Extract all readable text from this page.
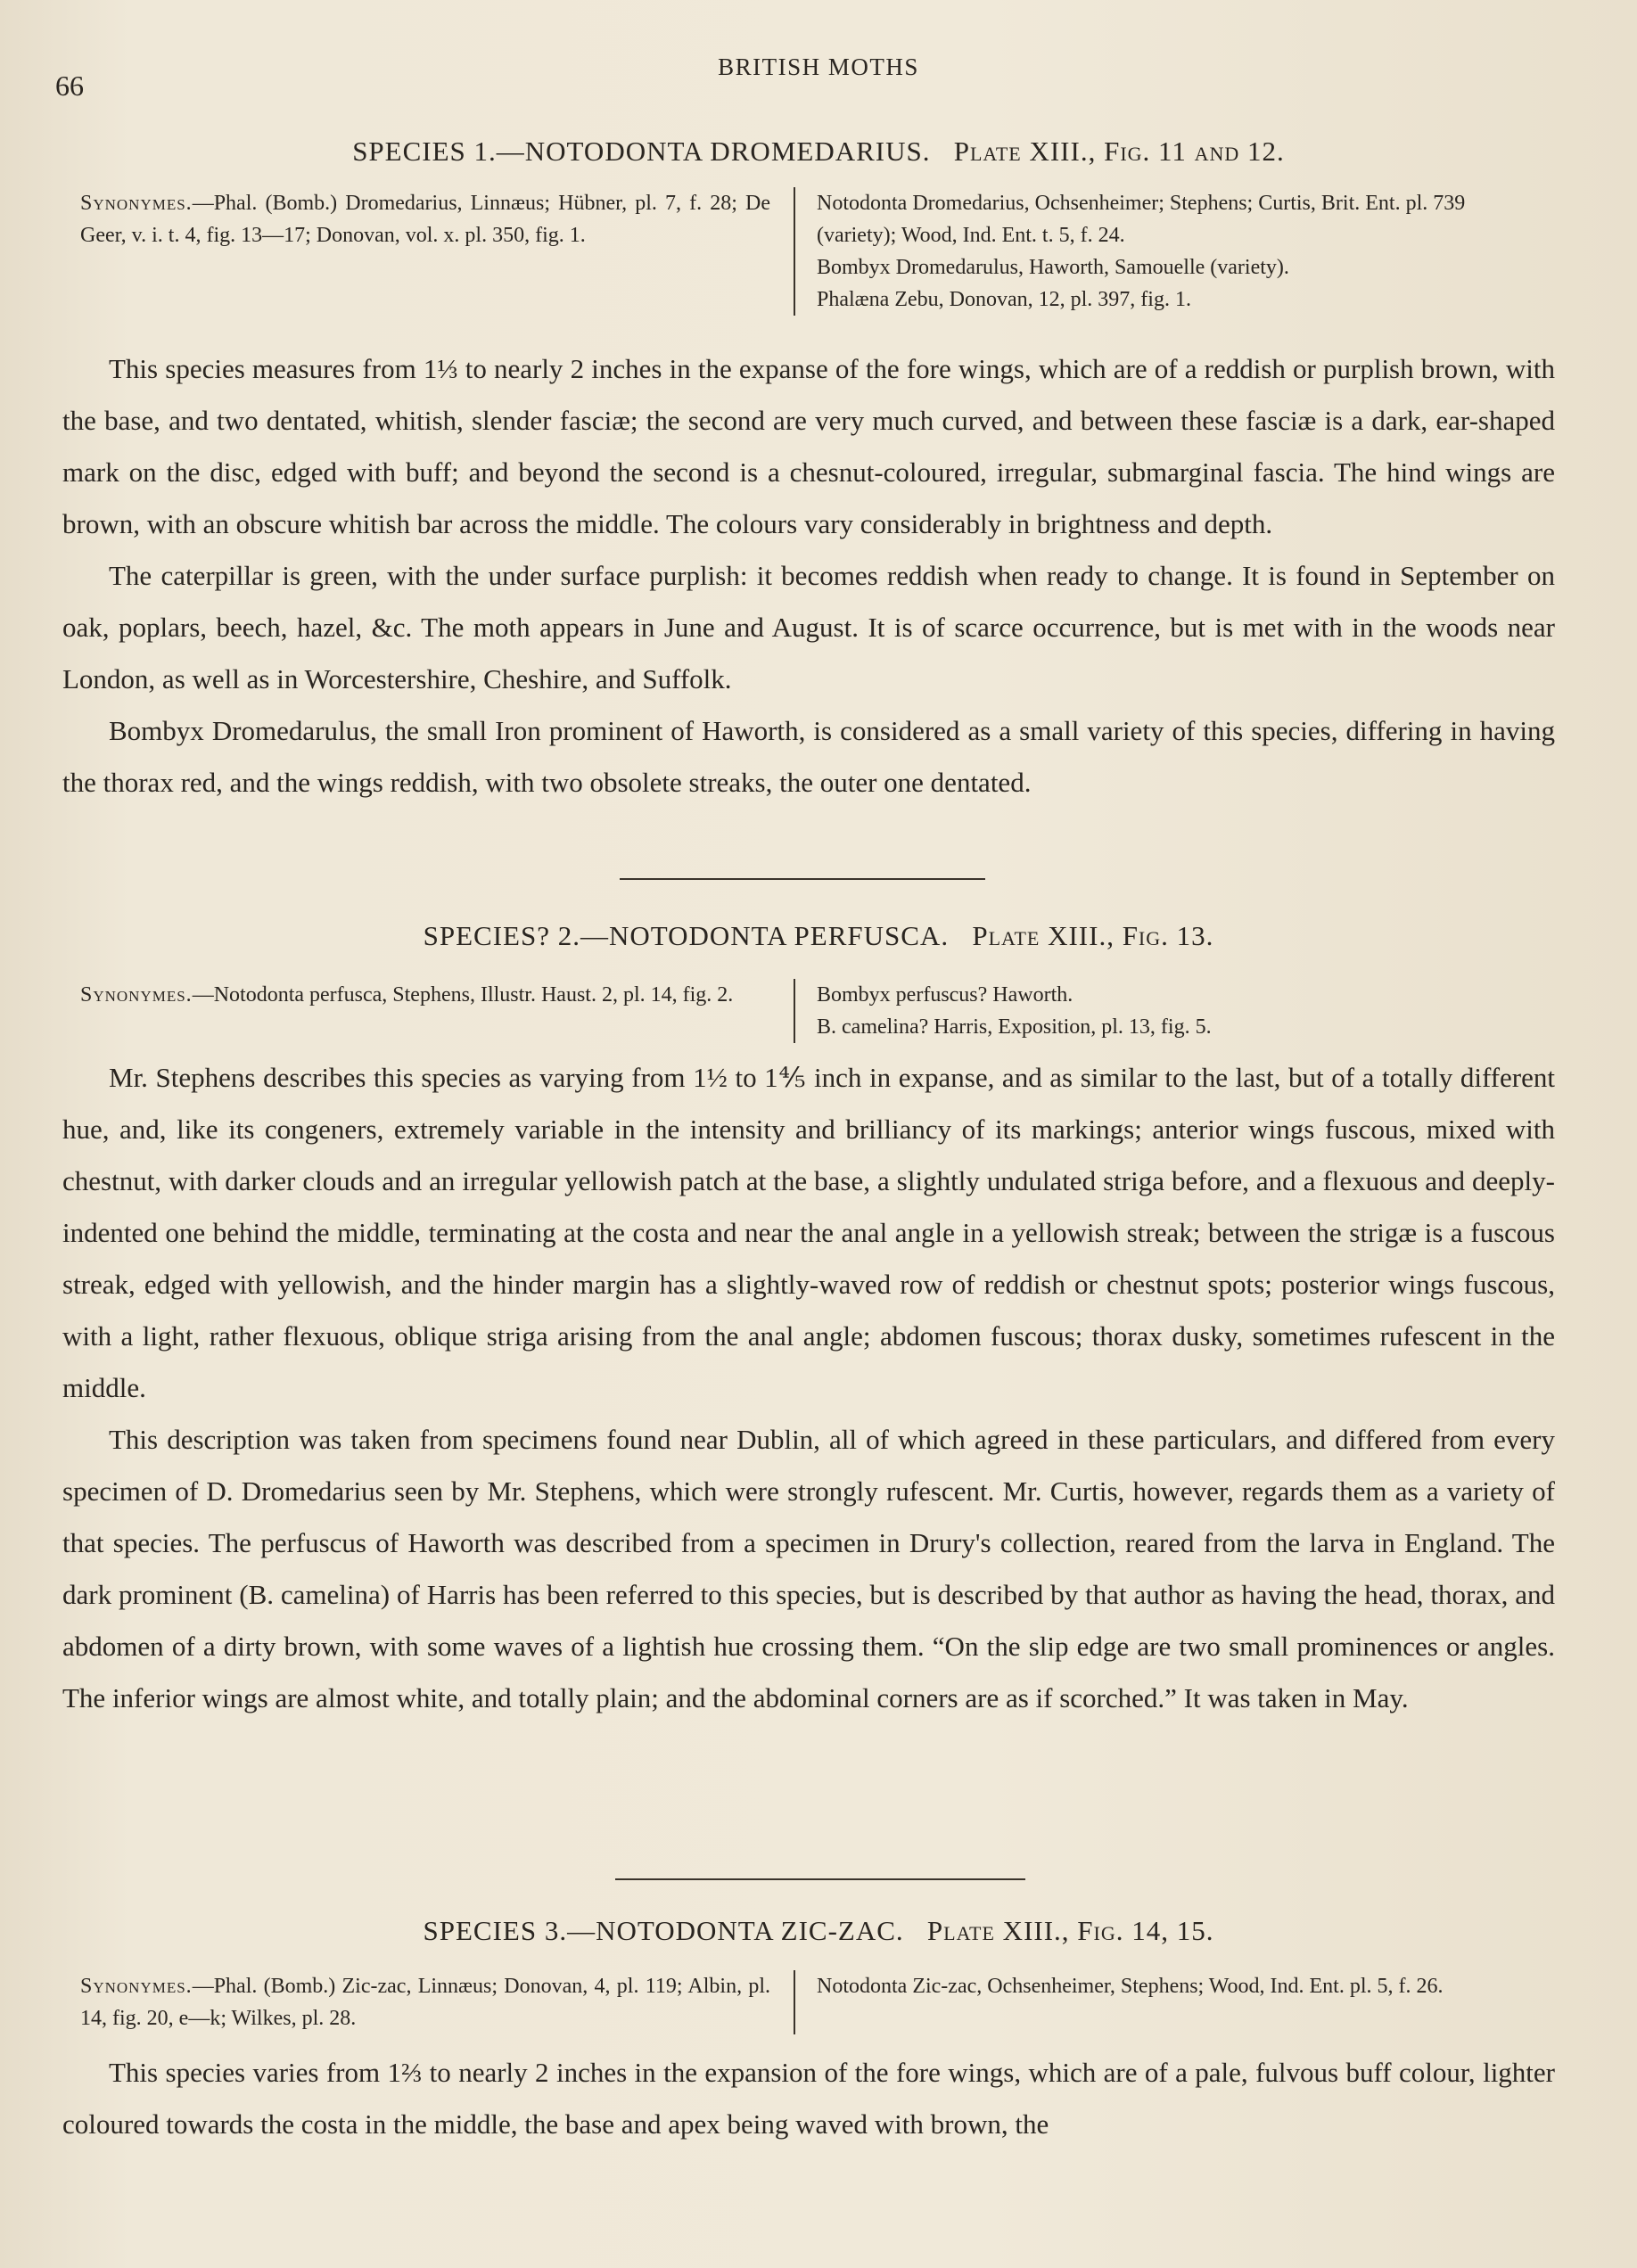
66
BRITISH MOTHS
SPECIES 1.—NOTODONTA DROMEDARIUS. Plate XIII., Fig. 11 and 12.
Synonymes.—Phal. (Bomb.) Dromedarius, Linnæus; Hübner, pl. 7, f. 28; De Geer, v. i. t. 4, fig. 13—17; Donovan, vol. x. pl. 350, fig. 1.
Notodonta Dromedarius, Ochsenheimer; Stephens; Curtis, Brit. Ent. pl. 739 (variety); Wood, Ind. Ent. t. 5, f. 24.
Bombyx Dromedarulus, Haworth, Samouelle (variety).
Phalæna Zebu, Donovan, 12, pl. 397, fig. 1.

This species measures from 1⅓ to nearly 2 inches in the expanse of the fore wings, which are of a reddish or purplish brown, with the base, and two dentated, whitish, slender fasciæ; the second are very much curved, and between these fasciæ is a dark, ear-shaped mark on the disc, edged with buff; and beyond the second is a chesnut-coloured, irregular, submarginal fascia. The hind wings are brown, with an obscure whitish bar across the middle. The colours vary considerably in brightness and depth.

The caterpillar is green, with the under surface purplish: it becomes reddish when ready to change. It is found in September on oak, poplars, beech, hazel, &c. The moth appears in June and August. It is of scarce occurrence, but is met with in the woods near London, as well as in Worcestershire, Cheshire, and Suffolk.

Bombyx Dromedarulus, the small Iron prominent of Haworth, is considered as a small variety of this species, differing in having the thorax red, and the wings reddish, with two obsolete streaks, the outer one dentated.

SPECIES? 2.—NOTODONTA PERFUSCA. Plate XIII., Fig. 13.
Synonymes.—Notodonta perfusca, Stephens, Illustr. Haust. 2, pl. 14, fig. 2.	Bombyx perfuscus? Haworth.
B. camelina? Harris, Exposition, pl. 13, fig. 5.

Mr. Stephens describes this species as varying from 1½ to 1⅘ inch in expanse, and as similar to the last, but of a totally different hue, and, like its congeners, extremely variable in the intensity and brilliancy of its markings; anterior wings fuscous, mixed with chestnut, with darker clouds and an irregular yellowish patch at the base, a slightly undulated striga before, and a flexuous and deeply-indented one behind the middle, terminating at the costa and near the anal angle in a yellowish streak; between the strigæ is a fuscous streak, edged with yellowish, and the hinder margin has a slightly-waved row of reddish or chestnut spots; posterior wings fuscous, with a light, rather flexuous, oblique striga arising from the anal angle; abdomen fuscous; thorax dusky, sometimes rufescent in the middle.

This description was taken from specimens found near Dublin, all of which agreed in these particulars, and differed from every specimen of D. Dromedarius seen by Mr. Stephens, which were strongly rufescent. Mr. Curtis, however, regards them as a variety of that species. The perfuscus of Haworth was described from a specimen in Drury's collection, reared from the larva in England. The dark prominent (B. camelina) of Harris has been referred to this species, but is described by that author as having the head, thorax, and abdomen of a dirty brown, with some waves of a lightish hue crossing them. “On the slip edge are two small prominences or angles. The inferior wings are almost white, and totally plain; and the abdominal corners are as if scorched.” It was taken in May.

SPECIES 3.—NOTODONTA ZIC-ZAC. Plate XIII., Fig. 14, 15.
Synonymes.—Phal. (Bomb.) Zic-zac, Linnæus; Donovan, 4, pl. 119; Albin, pl. 14, fig. 20, e—k; Wilkes, pl. 28.
Notodonta Zic-zac, Ochsenheimer, Stephens; Wood, Ind. Ent. pl. 5, f. 26.

This species varies from 1⅔ to nearly 2 inches in the expansion of the fore wings, which are of a pale, fulvous buff colour, lighter coloured towards the costa in the middle, the base and apex being waved with brown, the
